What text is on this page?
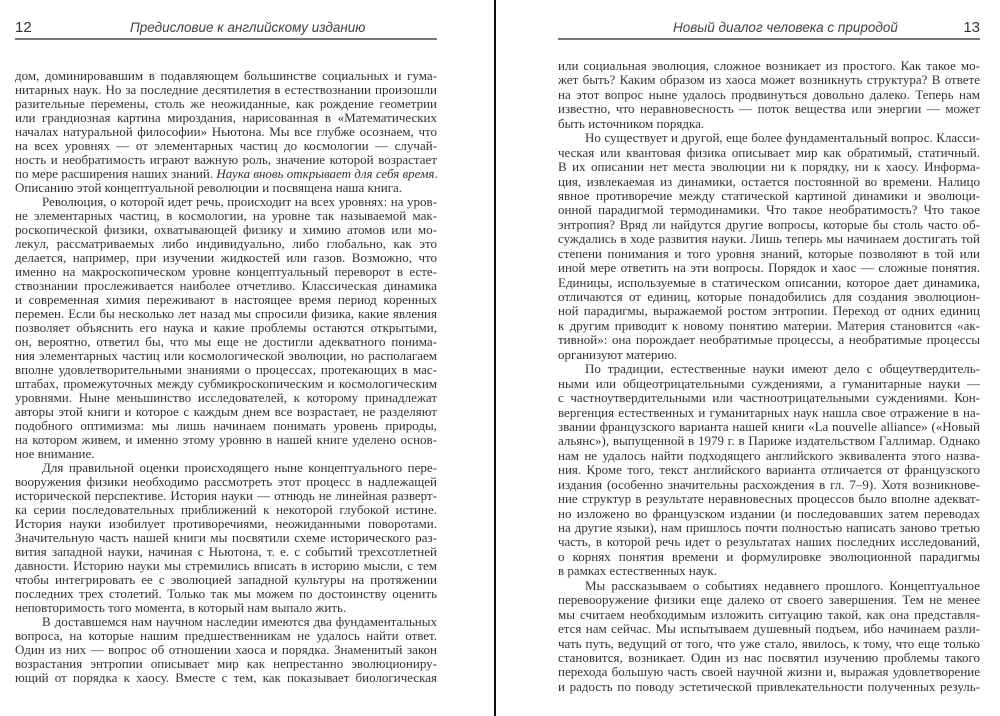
12	Предисловие к английскому изданию
дом, доминировавшим в подавляющем большинстве социальных и гума-
нитарных наук. Но за последние десятилетия в естествознании произошли
разительные перемены, столь же неожиданные, как рождение геометрии
или грандиозная картина мироздания, нарисованная в «Математических
началах натуральной философии» Ньютона. Мы все глубже осознаем, что
на всех уровнях — от элементарных частиц до космологии — случай-
ность и необратимость играют важную роль, значение которой возрастает
по мере расширения наших знаний. Наука вновь открывает для себя время.
Описанию этой концептуальной революции и посвящена наша книга.
Революция, о которой идет речь, происходит на всех уровнях: на уров-
не элементарных частиц, в космологии, на уровне так называемой мак-
роскопической физики, охватывающей физику и химию атомов или мо-
лекул, рассматриваемых либо индивидуально, либо глобально, как это
делается, например, при изучении жидкостей или газов. Возможно, что
именно на макроскопическом уровне концептуальный переворот в есте-
ствознании прослеживается наиболее отчетливо. Классическая динамика
и современная химия переживают в настоящее время период коренных
перемен. Если бы несколько лет назад мы спросили физика, какие явления
позволяет объяснить его наука и какие проблемы остаются открытыми,
он, вероятно, ответил бы, что мы еще не достигли адекватного понима-
ния элементарных частиц или космологической эволюции, но располагаем
вполне удовлетворительными знаниями о процессах, протекающих в мас-
штабах, промежуточных между субмикроскопическим и космологическим
уровнями. Ныне меньшинство исследователей, к которому принадлежат
авторы этой книги и которое с каждым днем все возрастает, не разделяют
подобного оптимизма: мы лишь начинаем понимать уровень природы,
на котором живем, и именно этому уровню в нашей книге уделено основ-
ное внимание.
Для правильной оценки происходящего ныне концептуального пере-
вооружения физики необходимо рассмотреть этот процесс в надлежащей
исторической перспективе. История науки — отнюдь не линейная разверт-
ка серии последовательных приближений к некоторой глубокой истине.
История науки изобилует противоречиями, неожиданными поворотами.
Значительную часть нашей книги мы посвятили схеме исторического раз-
вития западной науки, начиная с Ньютона, т. е. с событий трехсотлетней
давности. Историю науки мы стремились вписать в историю мысли, с тем
чтобы интегрировать ее с эволюцией западной культуры на протяжении
последних трех столетий. Только так мы можем по достоинству оценить
неповторимость того момента, в который нам выпало жить.
В доставшемся нам научном наследии имеются два фундаментальных
вопроса, на которые нашим предшественникам не удалось найти ответ.
Один из них — вопрос об отношении хаоса и порядка. Знаменитый закон
возрастания энтропии описывает мир как непрестанно эволюциониру-
ющий от порядка к хаосу. Вместе с тем, как показывает биологическая
Новый диалог человека с природой	13
или социальная эволюция, сложное возникает из простого. Как такое мо-
жет быть? Каким образом из хаоса может возникнуть структура? В ответе
на этот вопрос ныне удалось продвинуться довольно далеко. Теперь нам
известно, что неравновесность — поток вещества или энергии — может
быть источником порядка.
Но существует и другой, еще более фундаментальный вопрос. Класси-
ческая или квантовая физика описывает мир как обратимый, статичный.
В их описании нет места эволюции ни к порядку, ни к хаосу. Информа-
ция, извлекаемая из динамики, остается постоянной во времени. Налицо
явное противоречие между статической картиной динамики и эволюци-
онной парадигмой термодинамики. Что такое необратимость? Что такое
энтропия? Вряд ли найдутся другие вопросы, которые бы столь часто об-
суждались в ходе развития науки. Лишь теперь мы начинаем достигать той
степени понимания и того уровня знаний, которые позволяют в той или
иной мере ответить на эти вопросы. Порядок и хаос — сложные понятия.
Единицы, используемые в статическом описании, которое дает динамика,
отличаются от единиц, которые понадобились для создания эволюцион-
ной парадигмы, выражаемой ростом энтропии. Переход от одних единиц
к другим приводит к новому понятию материи. Материя становится «ак-
тивной»: она порождает необратимые процессы, а необратимые процессы
организуют материю.
По традиции, естественные науки имеют дело с общеутвердитель-
ными или общеотрицательными суждениями, а гуманитарные науки —
с частноутвердительными или частноотрицательными суждениями. Кон-
вергенция естественных и гуманитарных наук нашла свое отражение в на-
звании французского варианта нашей книги «La nouvelle alliance» («Новый
альянс»), выпущенной в 1979 г. в Париже издательством Галлимар. Однако
нам не удалось найти подходящего английского эквивалента этого назва-
ния. Кроме того, текст английского варианта отличается от французского
издания (особенно значительны расхождения в гл. 7–9). Хотя возникнове-
ние структур в результате неравновесных процессов было вполне адекват-
но изложено во французском издании (и последовавших затем переводах
на другие языки), нам пришлось почти полностью написать заново третью
часть, в которой речь идет о результатах наших последних исследований,
о корнях понятия времени и формулировке эволюционной парадигмы
в рамках естественных наук.
Мы рассказываем о событиях недавнего прошлого. Концептуальное
перевооружение физики еще далеко от своего завершения. Тем не менее
мы считаем необходимым изложить ситуацию такой, как она представля-
ется нам сейчас. Мы испытываем душевный подъем, ибо начинаем разли-
чать путь, ведущий от того, что уже стало, явилось, к тому, что еще только
становится, возникает. Один из нас посвятил изучению проблемы такого
перехода большую часть своей научной жизни и, выражая удовлетворение
и радость по поводу эстетической привлекательности полученных резуль-
